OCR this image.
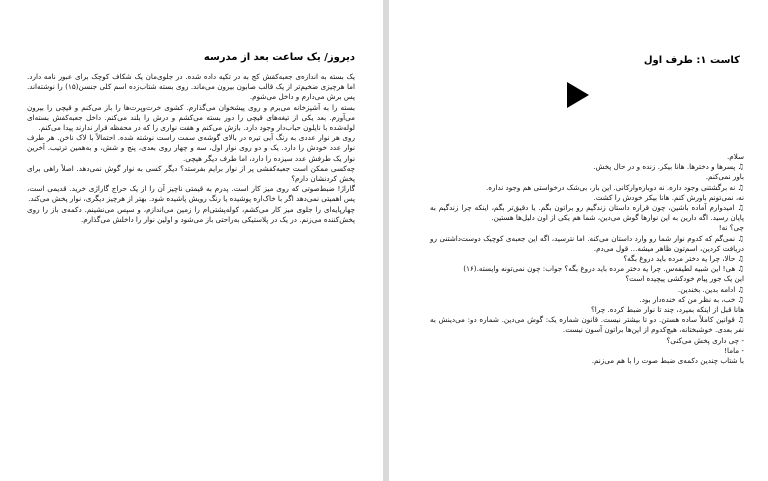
دیروز/ یک ساعت بعد از مدرسه

یک بسته به اندازه‌ی جعبه‌کفش کج به در تکیه داده شده. در جلوی‌مان یک شکاف کوچک برای عبور نامه دارد. اما هرچیزی ضخیم‌تر از یک قالب صابون بیرون می‌ماند. روی بسته شتاب‌زده اسم کلی جنسن(۱۵) را نوشته‌اند. پس برش می‌دارم و داخل می‌شوم.

بسته را به آشپزخانه می‌برم و روی پیشخوان می‌گذارم. کشوی خرت‌وپرت‌ها را باز می‌کنم و قیچی را بیرون می‌آورم. بعد یکی از تیغه‌های قیچی را دور بسته می‌کشم و درش را بلند می‌کنم. داخل جعبه‌کفش بسته‌ای لوله‌شده با نایلون حباب‌دار وجود دارد. بازش می‌کنم و هفت نواری را که در محفظه قرار ندارند پیدا می‌کنم.

روی هر نوار عددی به رنگ آبی تیره در بالای گوشه‌ی سمت راست نوشته شده. احتمالاً با لاک ناخن. هر طرف نوار عدد خودش را دارد. یک و دو روی نوار اول، سه و چهار روی بعدی، پنج و شش، و به‌همین ترتیب. آخرین نوار یک طرفش عدد سیزده را دارد، اما طرف دیگر هیچی.

چه‌کسی ممکن است جعبه‌کفشی پر از نوار برایم بفرستد؟ دیگر کسی به نوار گوش نمی‌دهد. اصلاً راهی برای پخش کردنشان دارم؟

گاراژ! ضبط‌صوتی که روی میز کار است. پدرم به قیمتی ناچیز آن را از یک حراج گاراژی خرید. قدیمی است، پس اهمیتی نمی‌دهد اگر با خاک‌اره پوشیده یا رنگ رویش پاشیده شود. بهتر از هرچیز دیگری، نوار پخش می‌کند.

چهارپایه‌ای را جلوی میز کار می‌کشم، کوله‌پشتی‌ام را زمین می‌اندازم، و سپس می‌نشینم. دکمه‌ی باز را روی پخش‌کننده می‌زنم. در یک در پلاستیکی به‌راحتی باز می‌شود و اولین نوار را داخلش می‌گذارم.

کاست ۱: طرف اول

سلام.

♫ پسرها و دخترها. هانا بیکر. زنده و در حال پخش.

باور نمی‌کنم.

♫ نه برگشتنی وجود داره. نه دوباره‌وارکانی. این بار، بی‌شک درخواستی هم وجود نداره.

نه، نمی‌تونم باورش کنم. هانا بیکر خودش را کشت.

♫ امیدوارم آماده باشین، چون قراره داستان زندگیم رو براتون بگم. یا دقیق‌تر بگم، اینکه چرا زندگیم به پایان رسید. اگه دارین به این نوارها گوش می‌دین، شما هم یکی از اون دلیل‌ها هستین.

چی؟ نه!

♫ نمی‌گم که کدوم نوار شما رو وارد داستان می‌کنه. اما نترسید، اگه این جعبه‌ی کوچیک دوست‌داشتنی رو دریافت کردین، اسم‌تون ظاهر میشه... قول می‌دم.

♫ حالا، چرا یه دختر مرده باید دروغ بگه؟

♫ هی! این شبیه لطیفه‌س. چرا یه دختر مرده باید دروغ بگه؟ جواب: چون نمی‌تونه وایسته.(۱۶)

این یک جور پیام خودکشی پیچیده است؟

♫ ادامه بدین. بخندین.

♫ خب، به نظر من که خنده‌دار بود.

هانا قبل از اینکه بمیرد، چند تا نوار ضبط کرده. چرا؟

♫ قوانین کاملاً ساده هستن. دو تا بیشتر نیست. قانون شماره یک: گوش می‌دین. شماره دو: می‌دینش به نفر بعدی. خوشبختانه، هیچ‌کدوم از این‌ها براتون آسون نیست.

- چی داری پخش می‌کنی؟

- ماما!

با شتاب چندین دکمه‌ی ضبط صوت را با هم می‌زنم.
